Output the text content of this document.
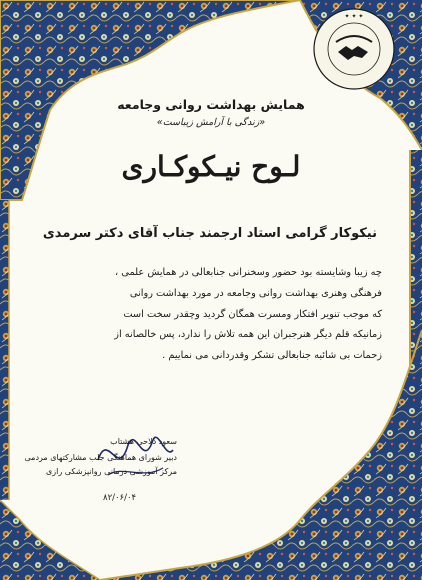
✦ ✦ ✦
همایش بهداشت روانی وجامعه
«زندگی با آرامش زیباست»
لـوح نیـکوکـاری
نیکوکار گرامی استاد ارجمند جناب آقای دکتر سرمدی
چه زیبا وشایسته بود حضور وسخنرانی جنابعالی در همایش علمی ،
فرهنگی وهنری بهداشت روانی وجامعه در مورد بهداشت روانی
که موجب تنویر افتکار ومسرت همگان گردید وچقدر سخت است
زمانیکه قلم دیگر هنرجبران این همه تلاش را ندارد، پس خالصانه از
زحمات بی شائبه جنابعالی تشکر وقدردانی می نماییم .
سعود ذلاحی هشتاب
دبیر شورای هماهنگی جلب مشارکتهای مردمی
مرکز آموزشی درمانی روانپزشکی رازی
۸۲/۰۶/۰۴
